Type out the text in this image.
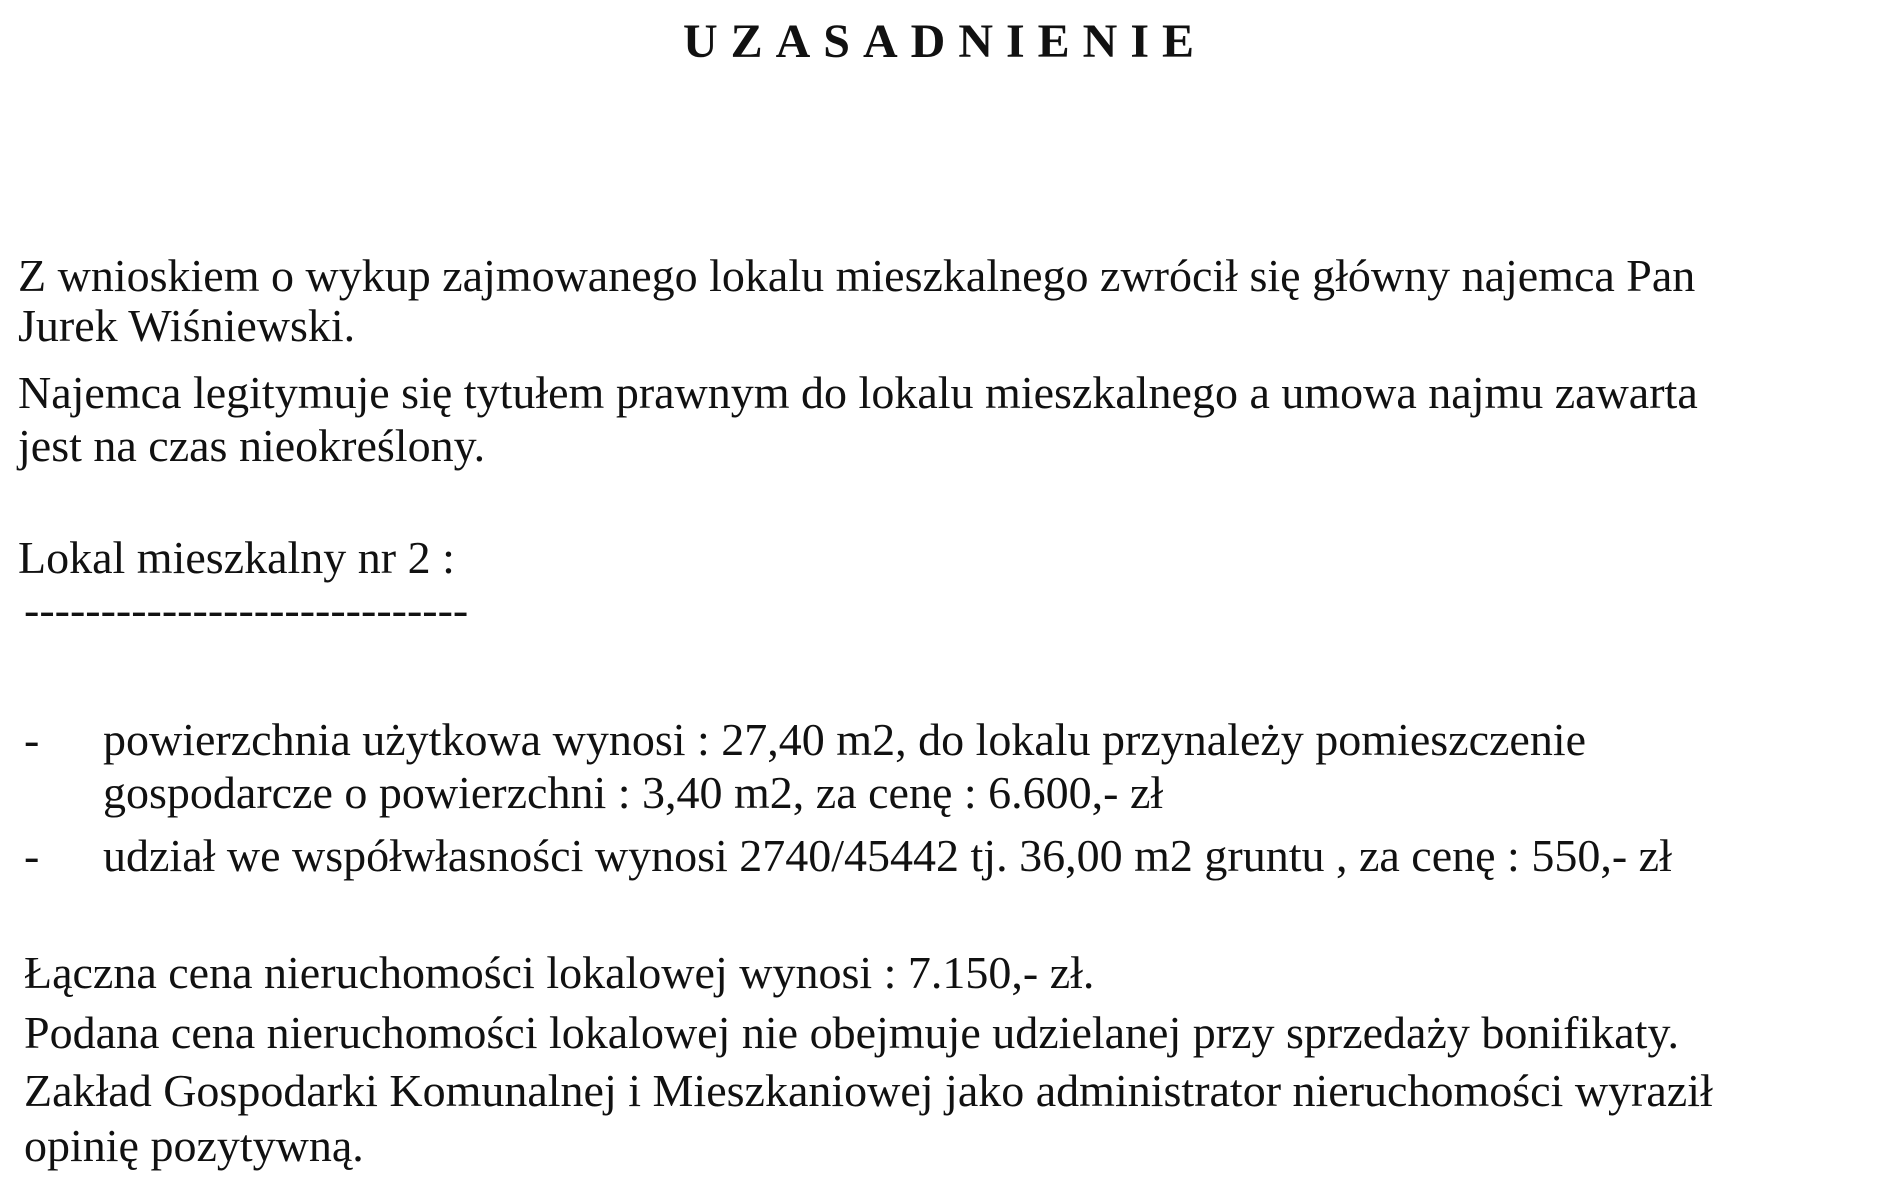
UZASADNIENIE
Z wnioskiem o wykup zajmowanego lokalu mieszkalnego zwrócił się główny najemca Pan
Jurek Wiśniewski.
Najemca legitymuje się tytułem prawnym do lokalu mieszkalnego a umowa najmu zawarta
jest na czas nieokreślony.
Lokal mieszkalny nr 2 :
-----------------------------
- powierzchnia użytkowa wynosi : 27,40 m2, do lokalu przynależy pomieszczenie
gospodarcze o powierzchni : 3,40 m2, za cenę : 6.600,- zł
- udział we współwłasności wynosi 2740/45442 tj. 36,00 m2 gruntu , za cenę : 550,- zł
Łączna cena nieruchomości lokalowej wynosi : 7.150,- zł.
Podana cena nieruchomości lokalowej nie obejmuje udzielanej przy sprzedaży bonifikaty.
Zakład Gospodarki Komunalnej i Mieszkaniowej jako administrator nieruchomości wyraził
opinię pozytywną.
